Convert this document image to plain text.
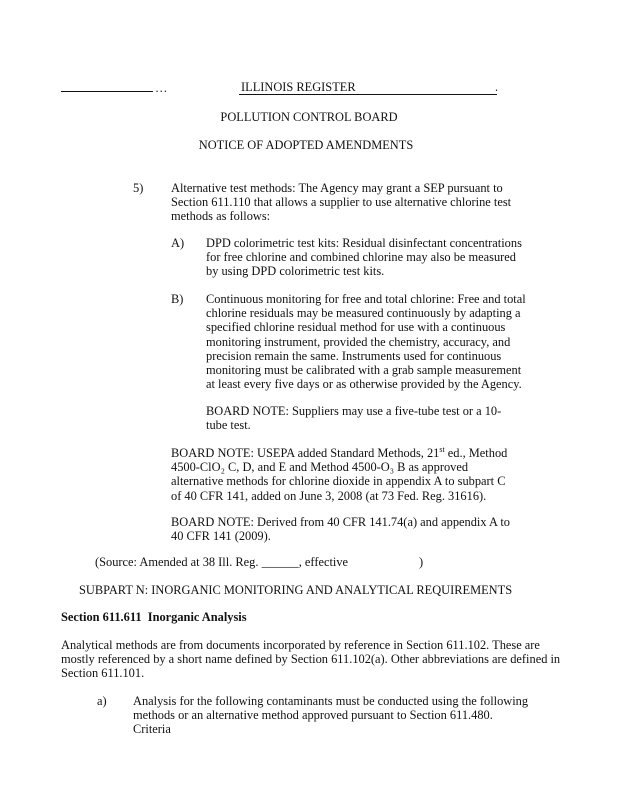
…	ILLINOIS REGISTER	.
POLLUTION CONTROL BOARD
NOTICE OF ADOPTED AMENDMENTS
5) Alternative test methods: The Agency may grant a SEP pursuant to Section 611.110 that allows a supplier to use alternative chlorine test methods as follows:

A) DPD colorimetric test kits: Residual disinfectant concentrations for free chlorine and combined chlorine may also be measured by using DPD colorimetric test kits.

B) Continuous monitoring for free and total chlorine: Free and total chlorine residuals may be measured continuously by adapting a specified chlorine residual method for use with a continuous monitoring instrument, provided the chemistry, accuracy, and precision remain the same. Instruments used for continuous monitoring must be calibrated with a grab sample measurement at least every five days or as otherwise provided by the Agency.

BOARD NOTE: Suppliers may use a five-tube test or a 10-tube test.

BOARD NOTE: USEPA added Standard Methods, 21st ed., Method 4500-ClO₂ C, D, and E and Method 4500-O₃ B as approved alternative methods for chlorine dioxide in appendix A to subpart C of 40 CFR 141, added on June 3, 2008 (at 73 Fed. Reg. 31616).

BOARD NOTE: Derived from 40 CFR 141.74(a) and appendix A to 40 CFR 141 (2009).

(Source: Amended at 38 Ill. Reg. ______, effective	)
SUBPART N: INORGANIC MONITORING AND ANALYTICAL REQUIREMENTS
Section 611.611 Inorganic Analysis

Analytical methods are from documents incorporated by reference in Section 611.102. These are mostly referenced by a short name defined by Section 611.102(a). Other abbreviations are defined in Section 611.101.

a) Analysis for the following contaminants must be conducted using the following methods or an alternative method approved pursuant to Section 611.480. Criteria
